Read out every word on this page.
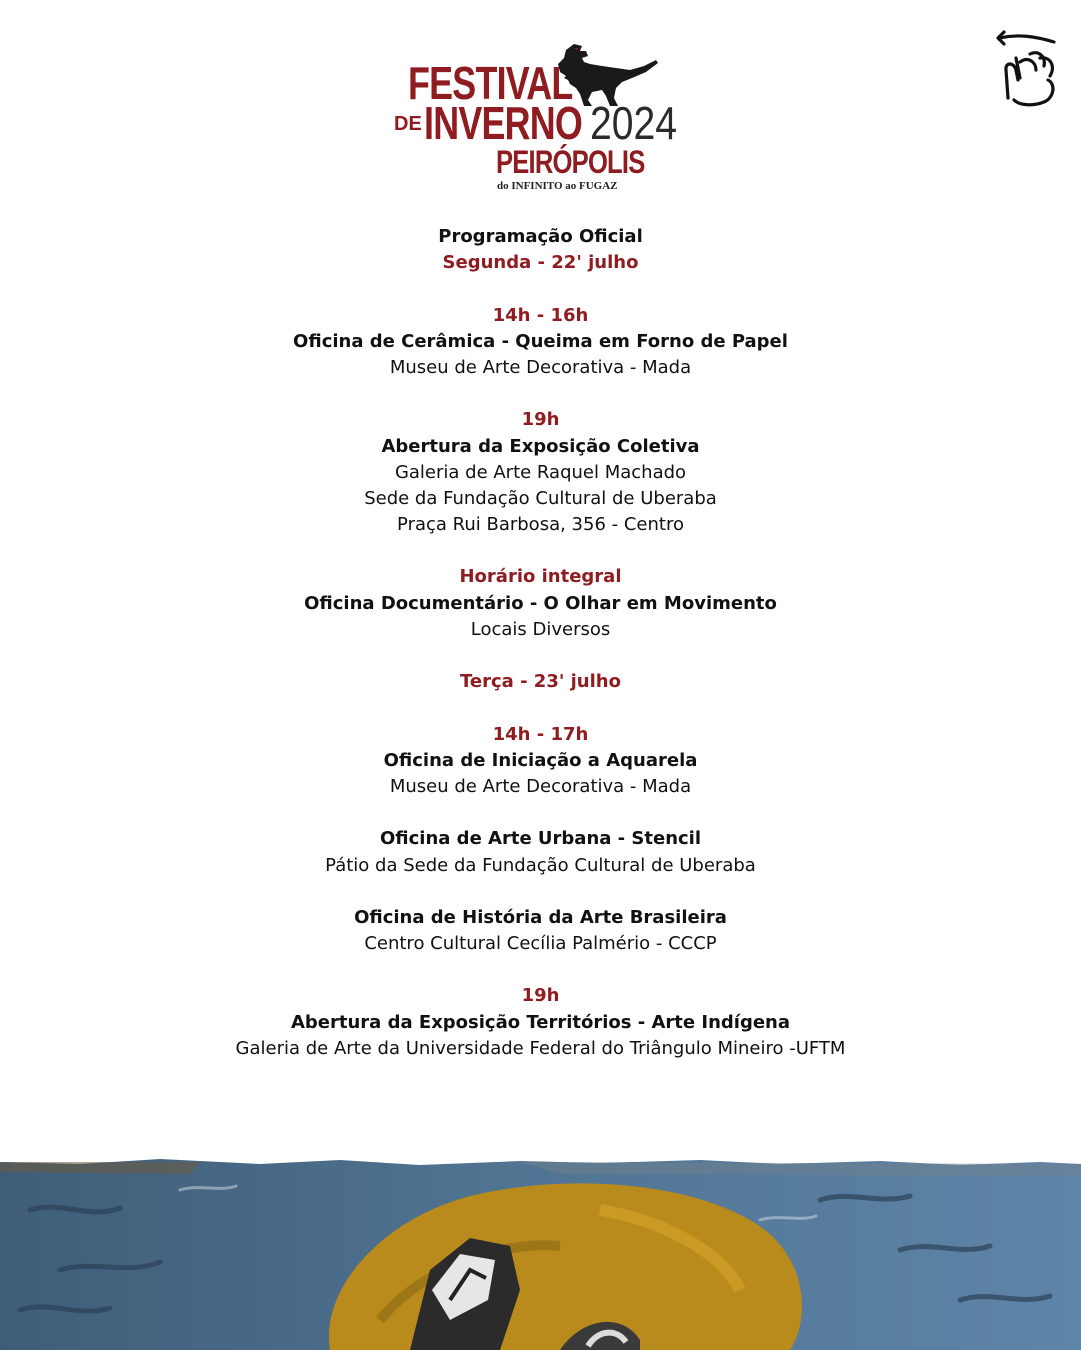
FESTIVAL

DE INVERNO 2024

PEIRÓPOLIS

do INFINITO ao FUGAZ

Programação Oficial
Segunda - 22' julho
14h - 16h
Oficina de Cerâmica - Queima em Forno de Papel
Museu de Arte Decorativa - Mada
19h
Abertura da Exposição Coletiva
Galeria de Arte Raquel Machado
Sede da Fundação Cultural de Uberaba
Praça Rui Barbosa, 356 - Centro
Horário integral
Oficina Documentário - O Olhar em Movimento
Locais Diversos
Terça - 23' julho
14h - 17h
Oficina de Iniciação a Aquarela
Museu de Arte Decorativa - Mada
Oficina de Arte Urbana - Stencil
Pátio da Sede da Fundação Cultural de Uberaba
Oficina de História da Arte Brasileira
Centro Cultural Cecília Palmério - CCCP
19h
Abertura da Exposição Territórios - Arte Indígena
Galeria de Arte da Universidade Federal do Triângulo Mineiro -UFTM
